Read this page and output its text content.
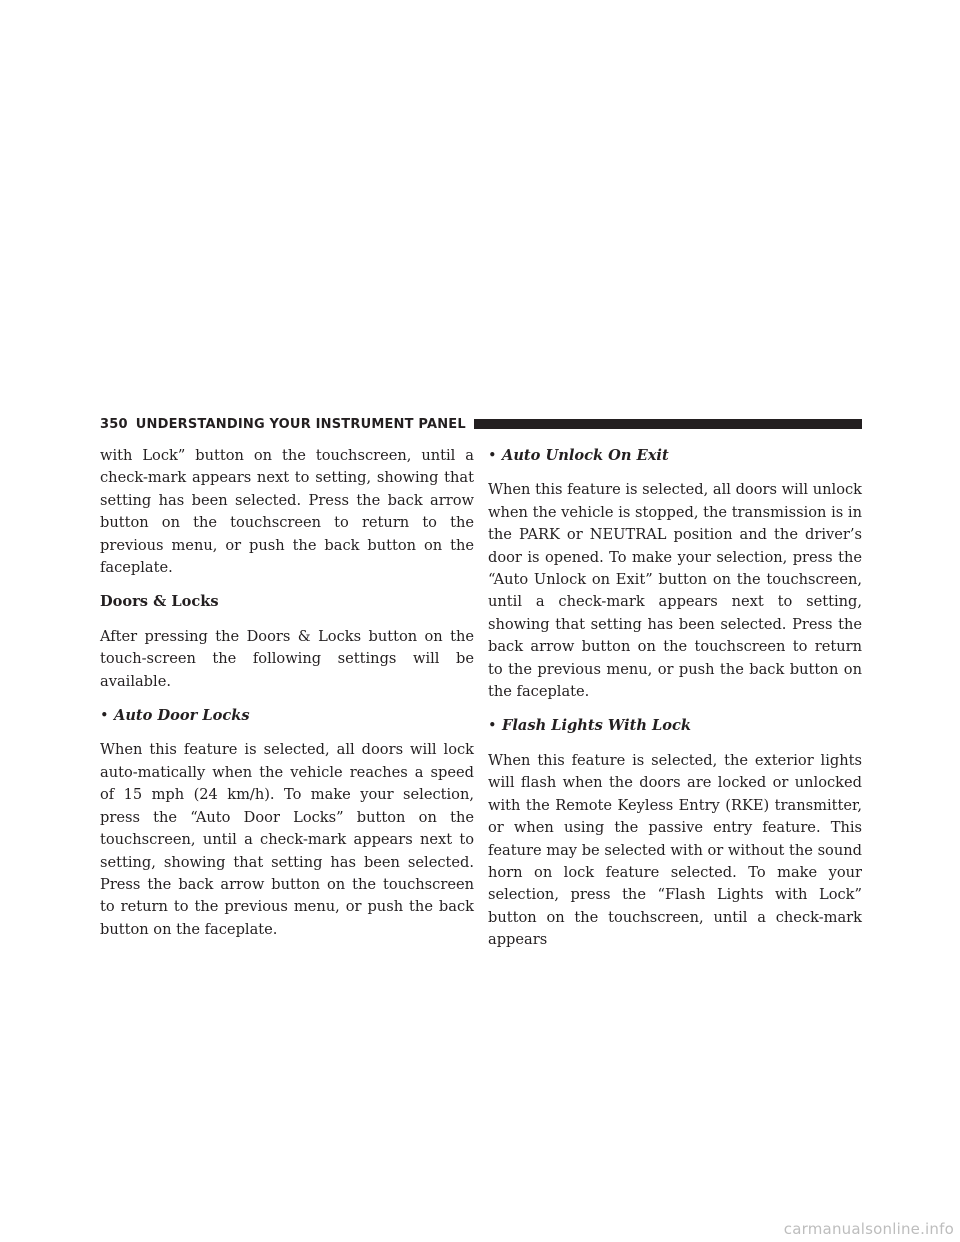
350 UNDERSTANDING YOUR INSTRUMENT PANEL

with Lock” button on the touchscreen, until a check-mark appears next to setting, showing that setting has been selected. Press the back arrow button on the touchscreen to return to the previous menu, or push the back button on the faceplate.

Doors & Locks

After pressing the Doors & Locks button on the touch-screen the following settings will be available.

• Auto Door Locks

When this feature is selected, all doors will lock auto-matically when the vehicle reaches a speed of 15 mph (24 km/h). To make your selection, press the “Auto Door Locks” button on the touchscreen, until a check-mark appears next to setting, showing that setting has been selected. Press the back arrow button on the touchscreen to return to the previous menu, or push the back button on the faceplate.

• Auto Unlock On Exit

When this feature is selected, all doors will unlock when the vehicle is stopped, the transmission is in the PARK or NEUTRAL position and the driver’s door is opened. To make your selection, press the “Auto Unlock on Exit” button on the touchscreen, until a check-mark appears next to setting, showing that setting has been selected. Press the back arrow button on the touchscreen to return to the previous menu, or push the back button on the faceplate.

• Flash Lights With Lock

When this feature is selected, the exterior lights will flash when the doors are locked or unlocked with the Remote Keyless Entry (RKE) transmitter, or when using the passive entry feature. This feature may be selected with or without the sound horn on lock feature selected. To make your selection, press the “Flash Lights with Lock” button on the touchscreen, until a check-mark appears

carmanualsonline.info
